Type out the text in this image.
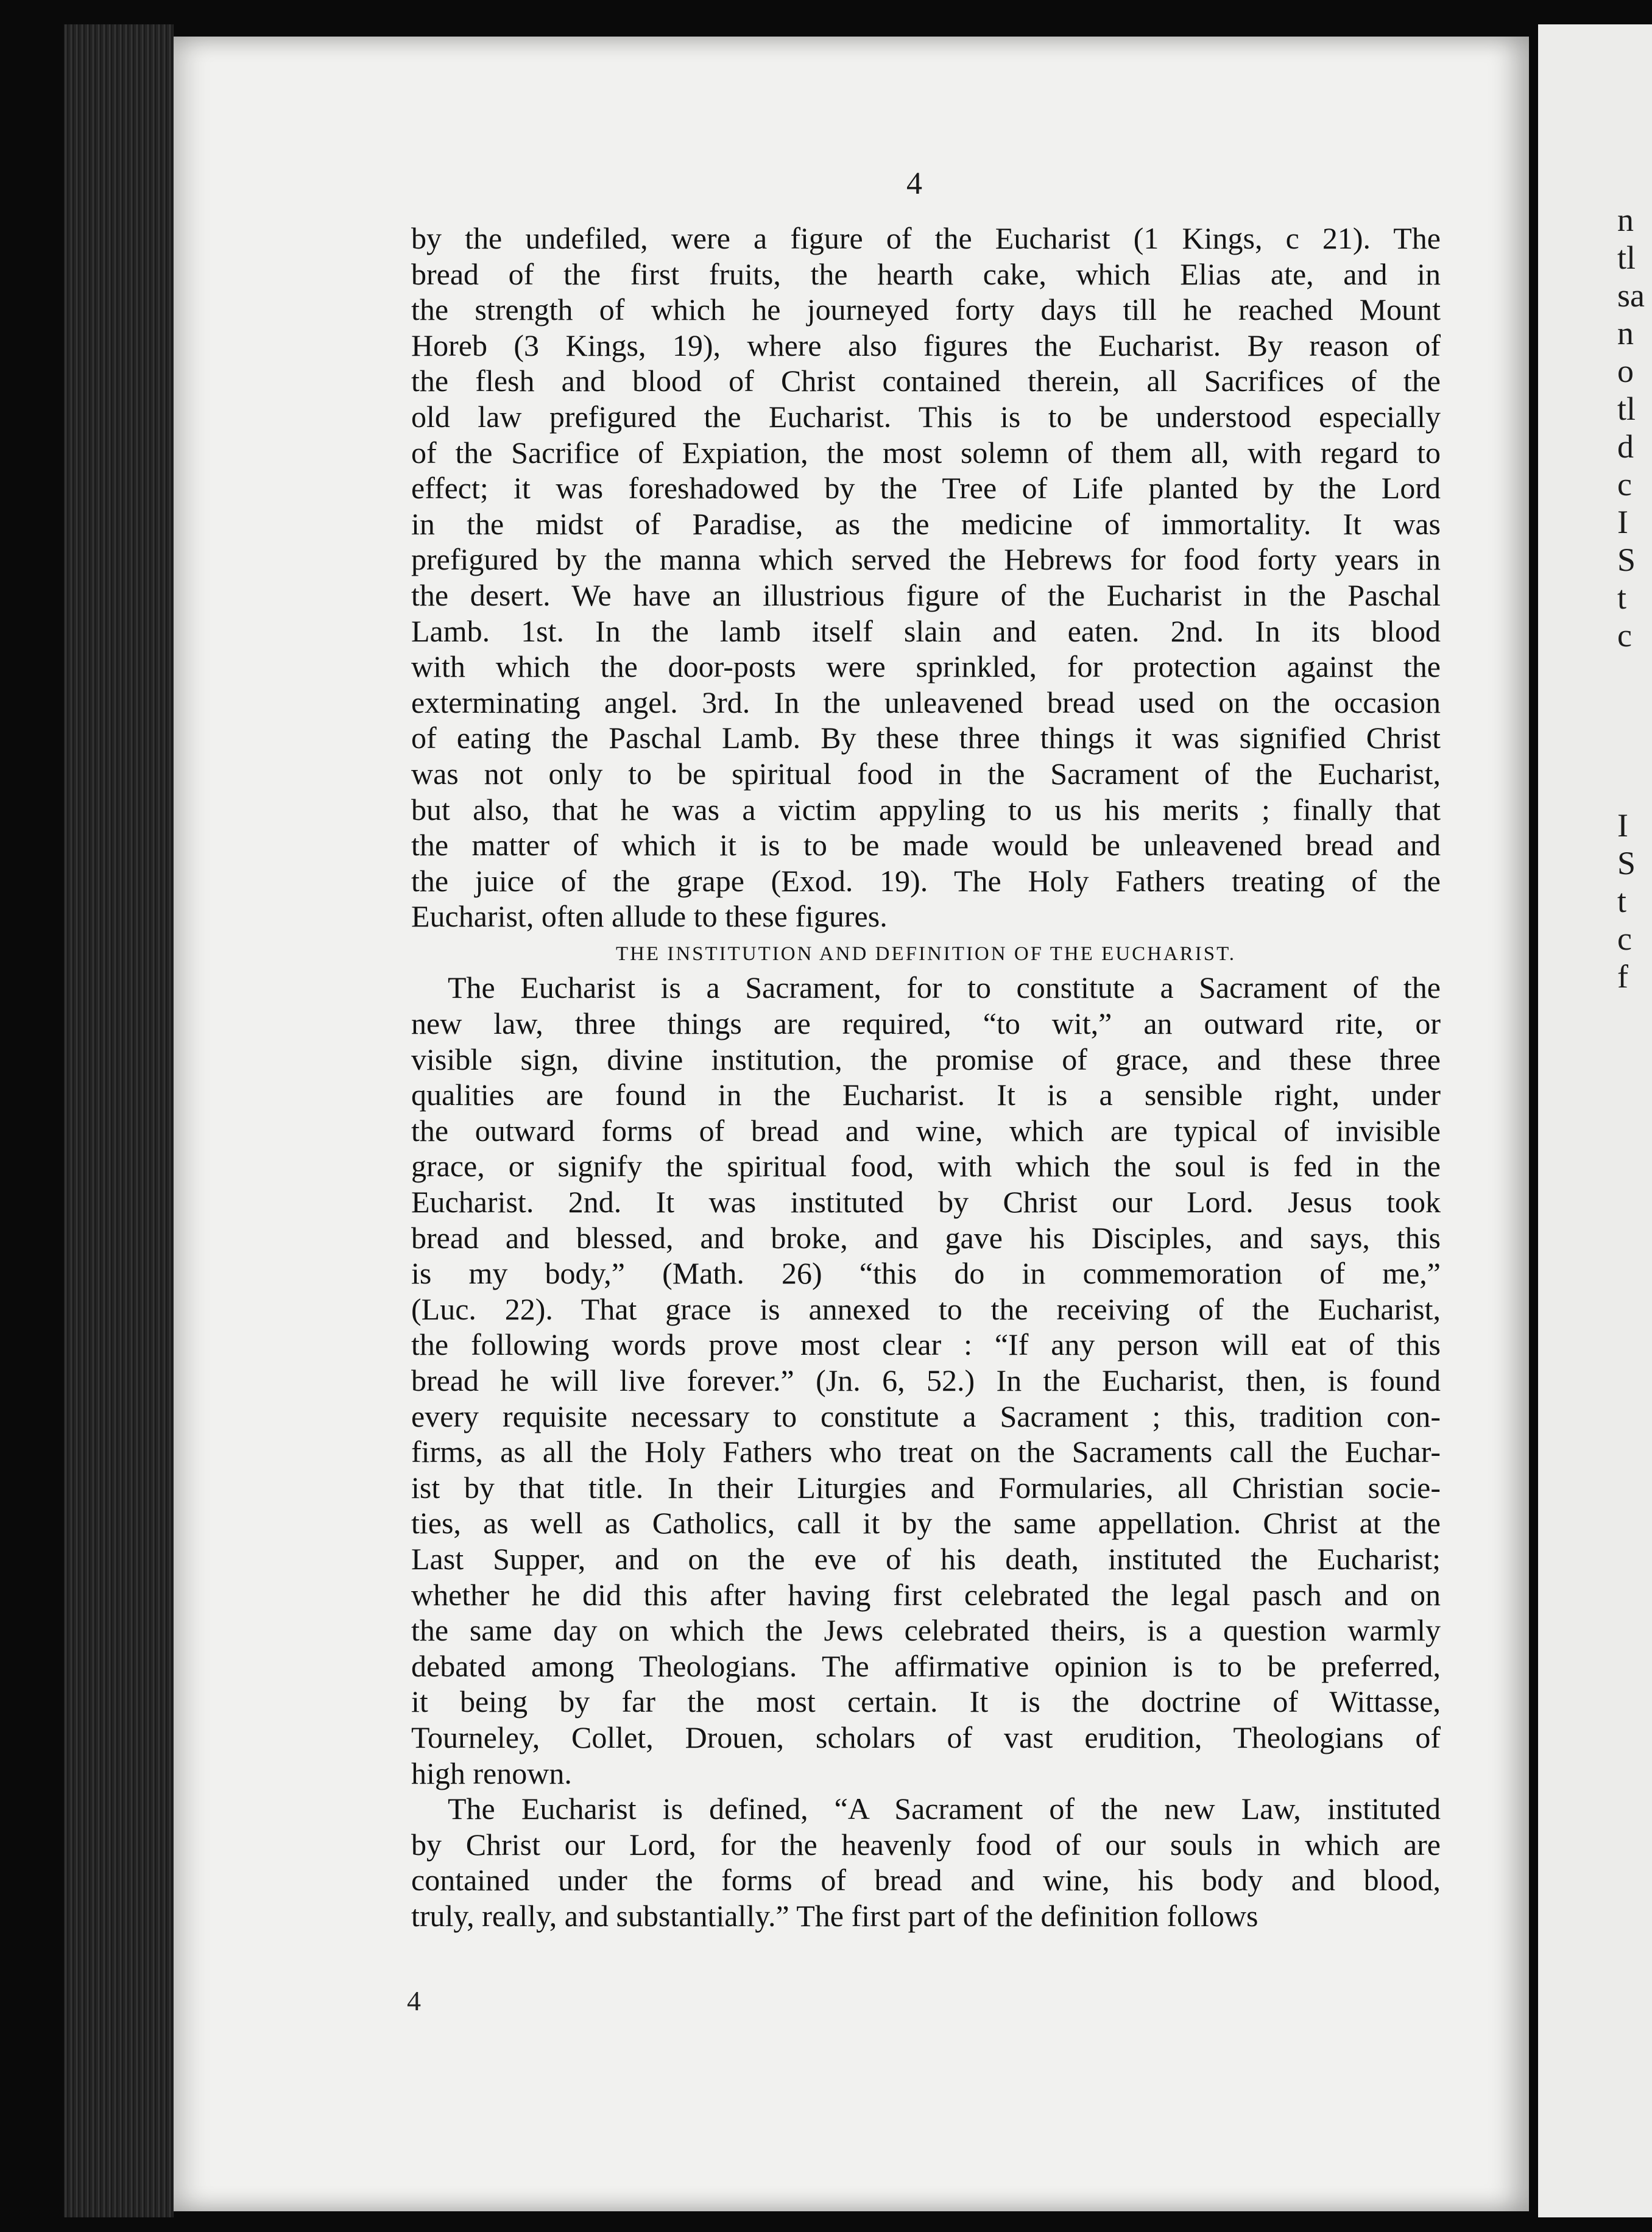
4
by the undefiled, were a figure of the Eucharist (1 Kings, c 21). The
bread of the first fruits, the hearth cake, which Elias ate, and in
the strength of which he journeyed forty days till he reached Mount
Horeb (3 Kings, 19), where also figures the Eucharist. By reason of
the flesh and blood of Christ contained therein, all Sacrifices of the
old law prefigured the Eucharist. This is to be understood especially
of the Sacrifice of Expiation, the most solemn of them all, with regard to
effect; it was foreshadowed by the Tree of Life planted by the Lord
in the midst of Paradise, as the medicine of immortality. It was
prefigured by the manna which served the Hebrews for food forty years in
the desert. We have an illustrious figure of the Eucharist in the Paschal
Lamb. 1st. In the lamb itself slain and eaten. 2nd. In its blood
with which the door-posts were sprinkled, for protection against the
exterminating angel. 3rd. In the unleavened bread used on the occasion
of eating the Paschal Lamb. By these three things it was signified Christ
was not only to be spiritual food in the Sacrament of the Eucharist,
but also, that he was a victim appyling to us his merits ; finally that
the matter of which it is to be made would be unleavened bread and
the juice of the grape (Exod. 19). The Holy Fathers treating of the
Eucharist, often allude to these figures.
THE INSTITUTION AND DEFINITION OF THE EUCHARIST.
The Eucharist is a Sacrament, for to constitute a Sacrament of the
new law, three things are required, “to wit,” an outward rite, or
visible sign, divine institution, the promise of grace, and these three
qualities are found in the Eucharist. It is a sensible right, under
the outward forms of bread and wine, which are typical of invisible
grace, or signify the spiritual food, with which the soul is fed in the
Eucharist. 2nd. It was instituted by Christ our Lord. Jesus took
bread and blessed, and broke, and gave his Disciples, and says, this
is my body,” (Math. 26) “this do in commemoration of me,”
(Luc. 22). That grace is annexed to the receiving of the Eucharist,
the following words prove most clear : “If any person will eat of this
bread he will live forever.” (Jn. 6, 52.) In the Eucharist, then, is found
every requisite necessary to constitute a Sacrament ; this, tradition con-
firms, as all the Holy Fathers who treat on the Sacraments call the Euchar-
ist by that title. In their Liturgies and Formularies, all Christian socie-
ties, as well as Catholics, call it by the same appellation. Christ at the
Last Supper, and on the eve of his death, instituted the Eucharist;
whether he did this after having first celebrated the legal pasch and on
the same day on which the Jews celebrated theirs, is a question warmly
debated among Theologians. The affirmative opinion is to be preferred,
it being by far the most certain. It is the doctrine of Wittasse,
Tourneley, Collet, Drouen, scholars of vast erudition, Theologians of
high renown.
The Eucharist is defined, “A Sacrament of the new Law, instituted
by Christ our Lord, for the heavenly food of our souls in which are
contained under the forms of bread and wine, his body and blood,
truly, really, and substantially.” The first part of the definition follows
4
n
tl
sa
n
o
tl
d
c
I
S
t
c
I
S
t
c
f
